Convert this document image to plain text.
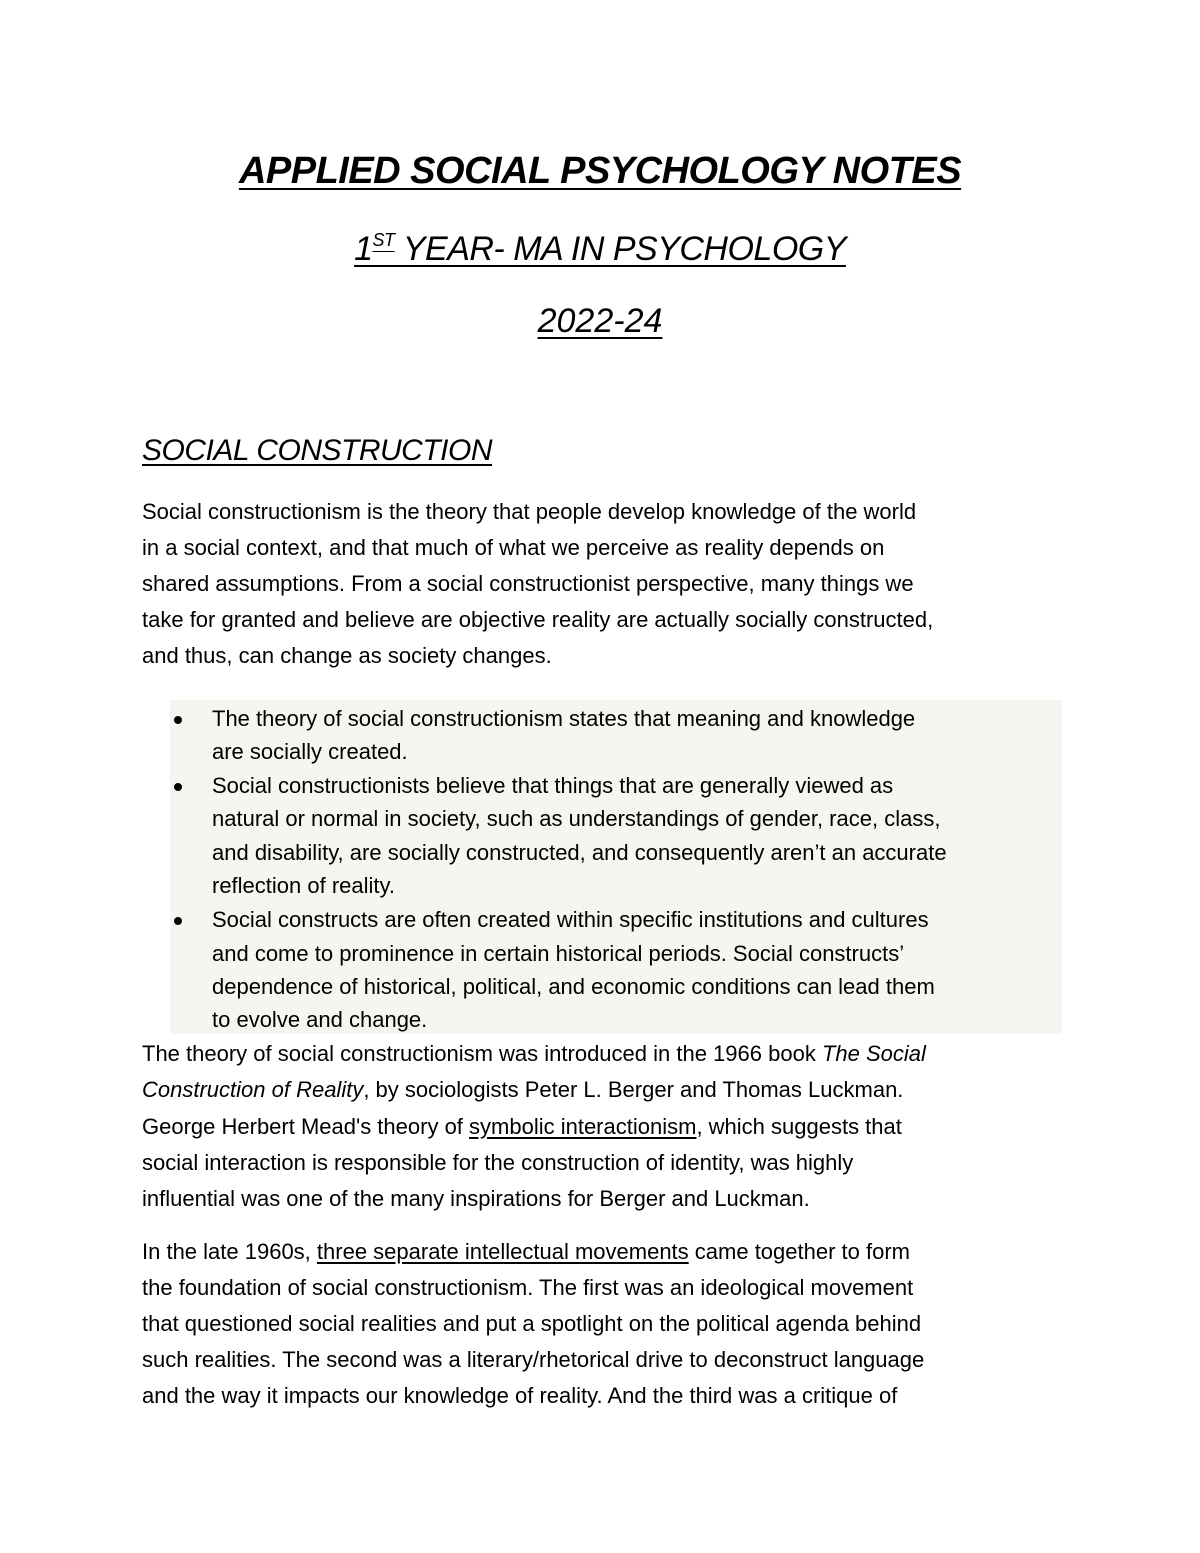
APPLIED SOCIAL PSYCHOLOGY NOTES
1ST YEAR- MA IN PSYCHOLOGY
2022-24
SOCIAL CONSTRUCTION

Social constructionism is the theory that people develop knowledge of the world

in a social context, and that much of what we perceive as reality depends on

shared assumptions. From a social constructionist perspective, many things we

take for granted and believe are objective reality are actually socially constructed,

and thus, can change as society changes.

The theory of social constructionism states that meaning and knowledge

are socially created.

Social constructionists believe that things that are generally viewed as

natural or normal in society, such as understandings of gender, race, class,

and disability, are socially constructed, and consequently aren’t an accurate

reflection of reality.

Social constructs are often created within specific institutions and cultures

and come to prominence in certain historical periods. Social constructs’

dependence of historical, political, and economic conditions can lead them

to evolve and change.

The theory of social constructionism was introduced in the 1966 book The Social

Construction of Reality, by sociologists Peter L. Berger and Thomas Luckman.

George Herbert Mead's theory of symbolic interactionism, which suggests that

social interaction is responsible for the construction of identity, was highly

influential was one of the many inspirations for Berger and Luckman.

In the late 1960s, three separate intellectual movements came together to form

the foundation of social constructionism. The first was an ideological movement

that questioned social realities and put a spotlight on the political agenda behind

such realities. The second was a literary/rhetorical drive to deconstruct language

and the way it impacts our knowledge of reality. And the third was a critique of
